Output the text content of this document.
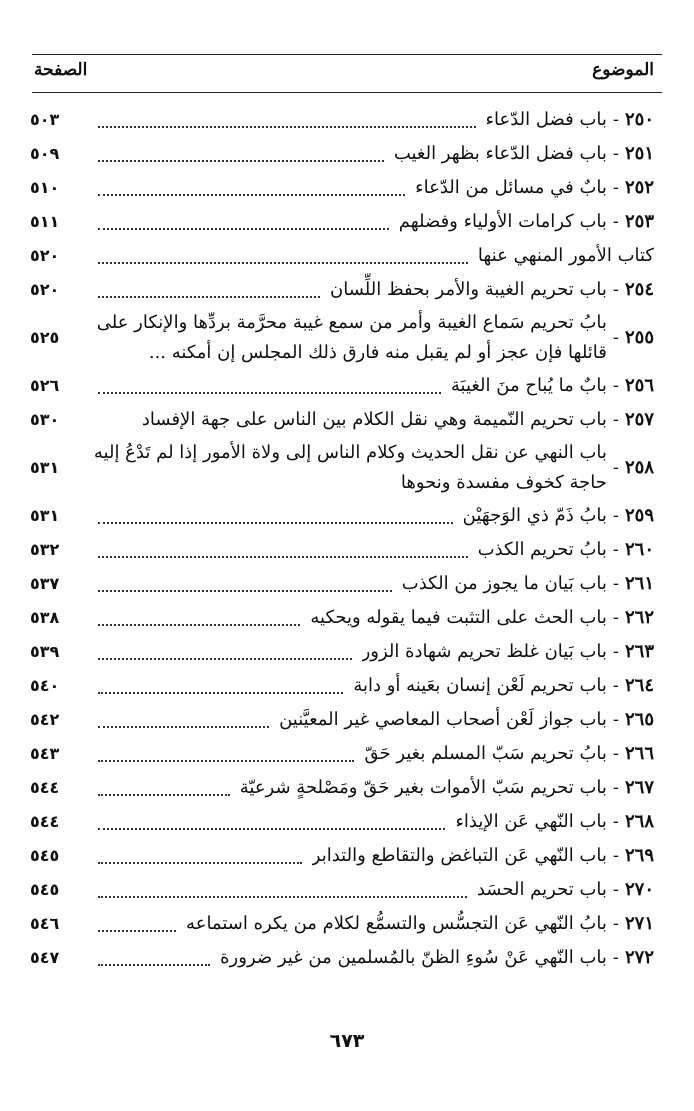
الموضوع
الصفحة
٢٥٠
-
باب فضل الدّعاء
٥٠٣
٢٥١
-
باب فضل الدّعاء بظهر الغيب
٥٠٩
٢٥٢
-
بابٌ في مسائل من الدّعاء
٥١٠
٢٥٣
-
باب كرامات الأولياء وفضلهم
٥١١
كتاب الأمور المنهي عنها
٥٢٠
٢٥٤
-
باب تحريم الغيبة والأمر بحفظ اللِّسان
٥٢٠
٢٥٥
-
بابُ تحريم سَماع الغيبة وأمر من سمع غيبة محرَّمة بردِّها والإنكار على قائلها فإن عجز أو لم يقبل منه فارق ذلك المجلس إن أمكنه ...
٥٢٥
٢٥٦
-
بابٌ ما يُباح منَ الغيبَة
٥٢٦
٢٥٧
-
باب تحريم النّميمة وهي نقل الكلام بين الناس على جهة الإفساد
٥٣٠
٢٥٨
-
باب النهي عن نقل الحديث وكلام الناس إلى ولاة الأمور إذا لم تَدْعُ إليه حاجة كخوف مفسدة ونحوها
٥٣١
٢٥٩
-
بابُ ذَمّ ذي الوَجهَيْن
٥٣١
٢٦٠
-
بابُ تحريم الكذب
٥٣٢
٢٦١
-
باب بَيان ما يجوز من الكذب
٥٣٧
٢٦٢
-
باب الحث على التثبت فيما يقوله ويحكيه
٥٣٨
٢٦٣
-
باب بَيان غلظ تحريم شهادة الزور
٥٣٩
٢٦٤
-
باب تحريم لَعْن إنسان بعَينه أو دابة
٥٤٠
٢٦٥
-
باب جواز لَعْن أصحاب المعاصي غير المعيَّنين
٥٤٢
٢٦٦
-
بابُ تحريم سَبّ المسلم بغير حَقّ
٥٤٣
٢٦٧
-
باب تحريم سَبّ الأموات بغير حَقّ ومَصْلحةٍ شرعيّة
٥٤٤
٢٦٨
-
باب النّهي عَن الإيذاء
٥٤٤
٢٦٩
-
باب النّهي عَن التباغض والتقاطع والتدابر
٥٤٥
٢٧٠
-
باب تحريم الحسَد
٥٤٥
٢٧١
-
بابُ النّهي عَن التجسُّس والتسمُّع لكلام من يكره استماعه
٥٤٦
٢٧٢
-
باب النّهي عَنْ سُوءِ الظنّ بالمُسلمين من غير ضرورة
٥٤٧
٦٧٣
